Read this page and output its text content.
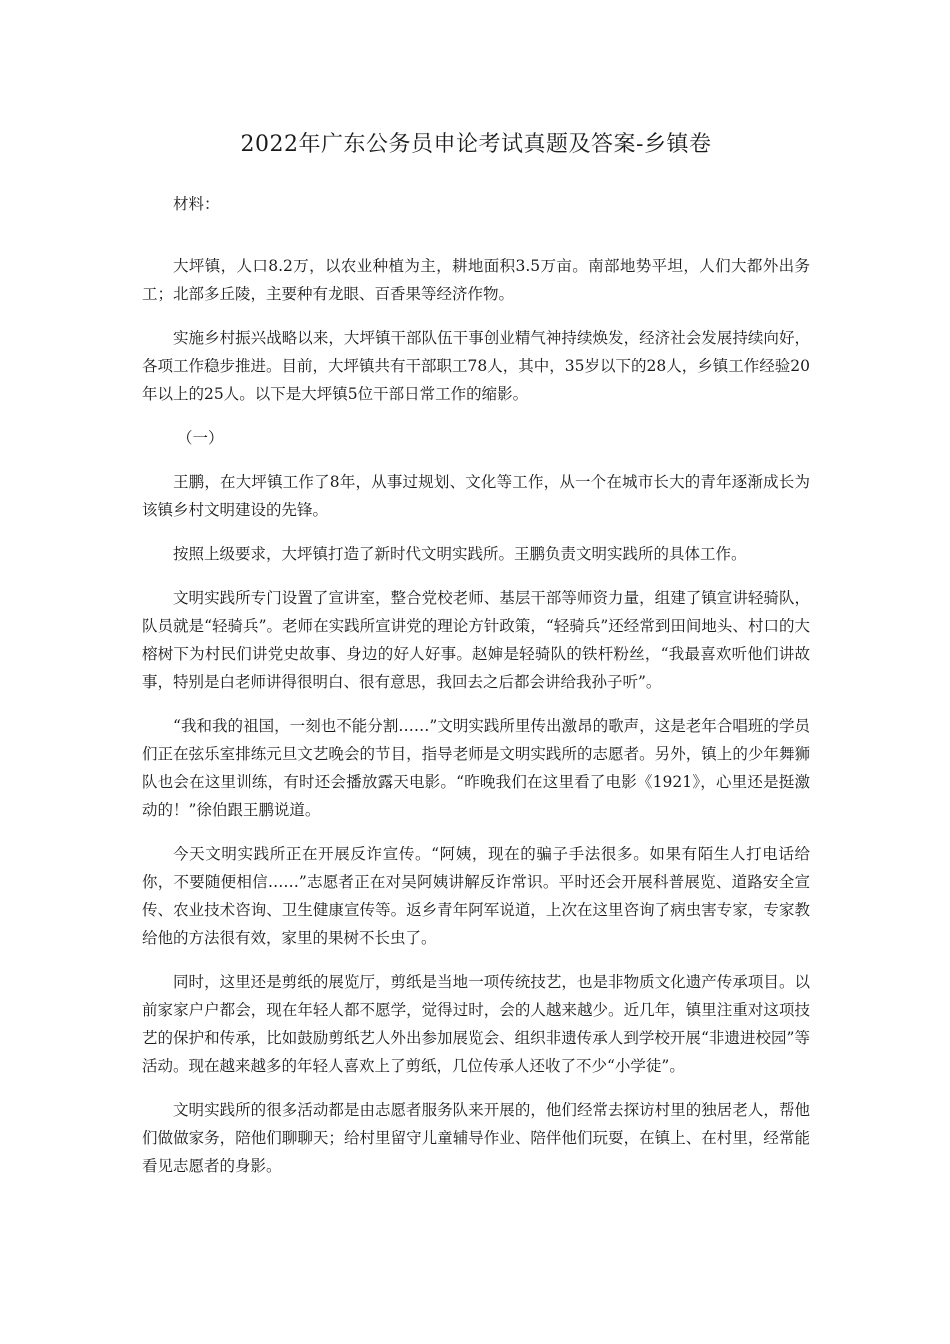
2022年广东公务员申论考试真题及答案-乡镇卷

材料：

大坪镇，人口8.2万，以农业种植为主，耕地面积3.5万亩。南部地势平坦，人们大都外出务工；北部多丘陵，主要种有龙眼、百香果等经济作物。

实施乡村振兴战略以来，大坪镇干部队伍干事创业精气神持续焕发，经济社会发展持续向好，各项工作稳步推进。目前，大坪镇共有干部职工78人，其中，35岁以下的28人，乡镇工作经验20年以上的25人。以下是大坪镇5位干部日常工作的缩影。

（一）

王鹏，在大坪镇工作了8年，从事过规划、文化等工作，从一个在城市长大的青年逐渐成长为该镇乡村文明建设的先锋。

按照上级要求，大坪镇打造了新时代文明实践所。王鹏负责文明实践所的具体工作。

文明实践所专门设置了宣讲室，整合党校老师、基层干部等师资力量，组建了镇宣讲轻骑队，队员就是“轻骑兵”。老师在实践所宣讲党的理论方针政策，“轻骑兵”还经常到田间地头、村口的大榕树下为村民们讲党史故事、身边的好人好事。赵婶是轻骑队的铁杆粉丝，“我最喜欢听他们讲故事，特别是白老师讲得很明白、很有意思，我回去之后都会讲给我孙子听”。

“我和我的祖国，一刻也不能分割……”文明实践所里传出激昂的歌声，这是老年合唱班的学员们正在弦乐室排练元旦文艺晚会的节目，指导老师是文明实践所的志愿者。另外，镇上的少年舞狮队也会在这里训练，有时还会播放露天电影。“昨晚我们在这里看了电影《1921》，心里还是挺激动的！”徐伯跟王鹏说道。

今天文明实践所正在开展反诈宣传。“阿姨，现在的骗子手法很多。如果有陌生人打电话给你，不要随便相信……”志愿者正在对吴阿姨讲解反诈常识。平时还会开展科普展览、道路安全宣传、农业技术咨询、卫生健康宣传等。返乡青年阿军说道，上次在这里咨询了病虫害专家，专家教给他的方法很有效，家里的果树不长虫了。

同时，这里还是剪纸的展览厅，剪纸是当地一项传统技艺，也是非物质文化遗产传承项目。以前家家户户都会，现在年轻人都不愿学，觉得过时，会的人越来越少。近几年，镇里注重对这项技艺的保护和传承，比如鼓励剪纸艺人外出参加展览会、组织非遗传承人到学校开展“非遗进校园”等活动。现在越来越多的年轻人喜欢上了剪纸，几位传承人还收了不少“小学徒”。

文明实践所的很多活动都是由志愿者服务队来开展的，他们经常去探访村里的独居老人，帮他们做做家务，陪他们聊聊天；给村里留守儿童辅导作业、陪伴他们玩耍，在镇上、在村里，经常能看见志愿者的身影。
